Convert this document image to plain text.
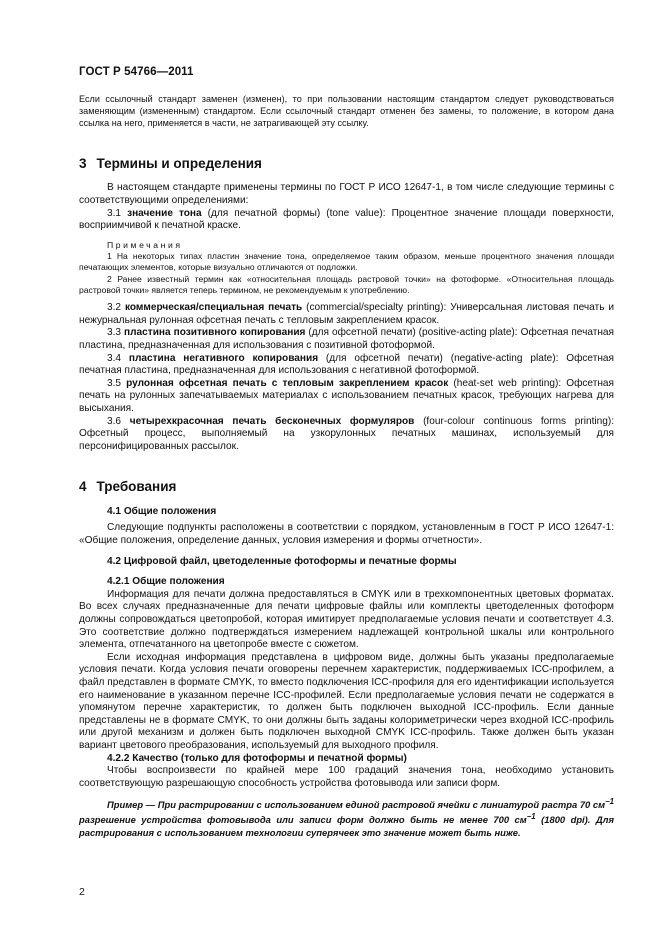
ГОСТ Р 54766—2011

Если ссылочный стандарт заменен (изменен), то при пользовании настоящим стандартом следует руководствоваться заменяющим (измененным) стандартом. Если ссылочный стандарт отменен без замены, то положение, в котором дана ссылка на него, применяется в части, не затрагивающей эту ссылку.

3 Термины и определения

В настоящем стандарте применены термины по ГОСТ Р ИСО 12647-1, в том числе следующие термины с соответствующими определениями:

3.1 значение тона (для печатной формы) (tone value): Процентное значение площади поверхности, восприимчивой к печатной краске.

Примечания

1 На некоторых типах пластин значение тона, определяемое таким образом, меньше процентного значения площади печатающих элементов, которые визуально отличаются от подложки.

2 Ранее известный термин как «относительная площадь растровой точки» на фотоформе. «Относительная площадь растровой точки» является теперь термином, не рекомендуемым к употреблению.

3.2 коммерческая/специальная печать (commercial/specialty printing): Универсальная листовая печать и нежурнальная рулонная офсетная печать с тепловым закреплением красок.

3.3 пластина позитивного копирования (для офсетной печати) (positive-acting plate): Офсетная печатная пластина, предназначенная для использования с позитивной фотоформой.

3.4 пластина негативного копирования (для офсетной печати) (negative-acting plate): Офсетная печатная пластина, предназначенная для использования с негативной фотоформой.

3.5 рулонная офсетная печать с тепловым закреплением красок (heat-set web printing): Офсетная печать на рулонных запечатываемых материалах с использованием печатных красок, требующих нагрева для высыхания.

3.6 четырехкрасочная печать бесконечных формуляров (four-colour continuous forms printing): Офсетный процесс, выполняемый на узкорулонных печатных машинах, используемый для персонифицированных рассылок.

4 Требования

4.1 Общие положения

Следующие подпункты расположены в соответствии с порядком, установленным в ГОСТ Р ИСО 12647-1: «Общие положения, определение данных, условия измерения и формы отчетности».

4.2 Цифровой файл, цветоделенные фотоформы и печатные формы

4.2.1 Общие положения

Информация для печати должна предоставляться в CMYK или в трехкомпонентных цветовых форматах. Во всех случаях предназначенные для печати цифровые файлы или комплекты цветоделенных фотоформ должны сопровождаться цветопробой, которая имитирует предполагаемые условия печати и соответствует 4.3. Это соответствие должно подтверждаться измерением надлежащей контрольной шкалы или контрольного элемента, отпечатанного на цветопробе вместе с сюжетом.

Если исходная информация представлена в цифровом виде, должны быть указаны предполагаемые условия печати. Когда условия печати оговорены перечнем характеристик, поддерживаемых ICC-профилем, а файл представлен в формате CMYK, то вместо подключения ICC-профиля для его идентификации используется его наименование в указанном перечне ICC-профилей. Если предполагаемые условия печати не содержатся в упомянутом перечне характеристик, то должен быть подключен выходной ICC-профиль. Если данные представлены не в формате CMYK, то они должны быть заданы колориметрически через входной ICC-профиль или другой механизм и должен быть подключен выходной CMYK ICC-профиль. Также должен быть указан вариант цветового преобразования, используемый для выходного профиля.

4.2.2 Качество (только для фотоформы и печатной формы)

Чтобы воспроизвести по крайней мере 100 градаций значения тона, необходимо установить соответствующую разрешающую способность устройства фотовывода или записи форм.

Пример — При растрировании с использованием единой растровой ячейки с линиатурой растра 70 $см^{-1}$ разрешение устройства фотовывода или записи форм должно быть не менее 700 $см^{-1}$ (1800 dpi). Для растрирования с использованием технологии суперячеек это значение может быть ниже.

2
